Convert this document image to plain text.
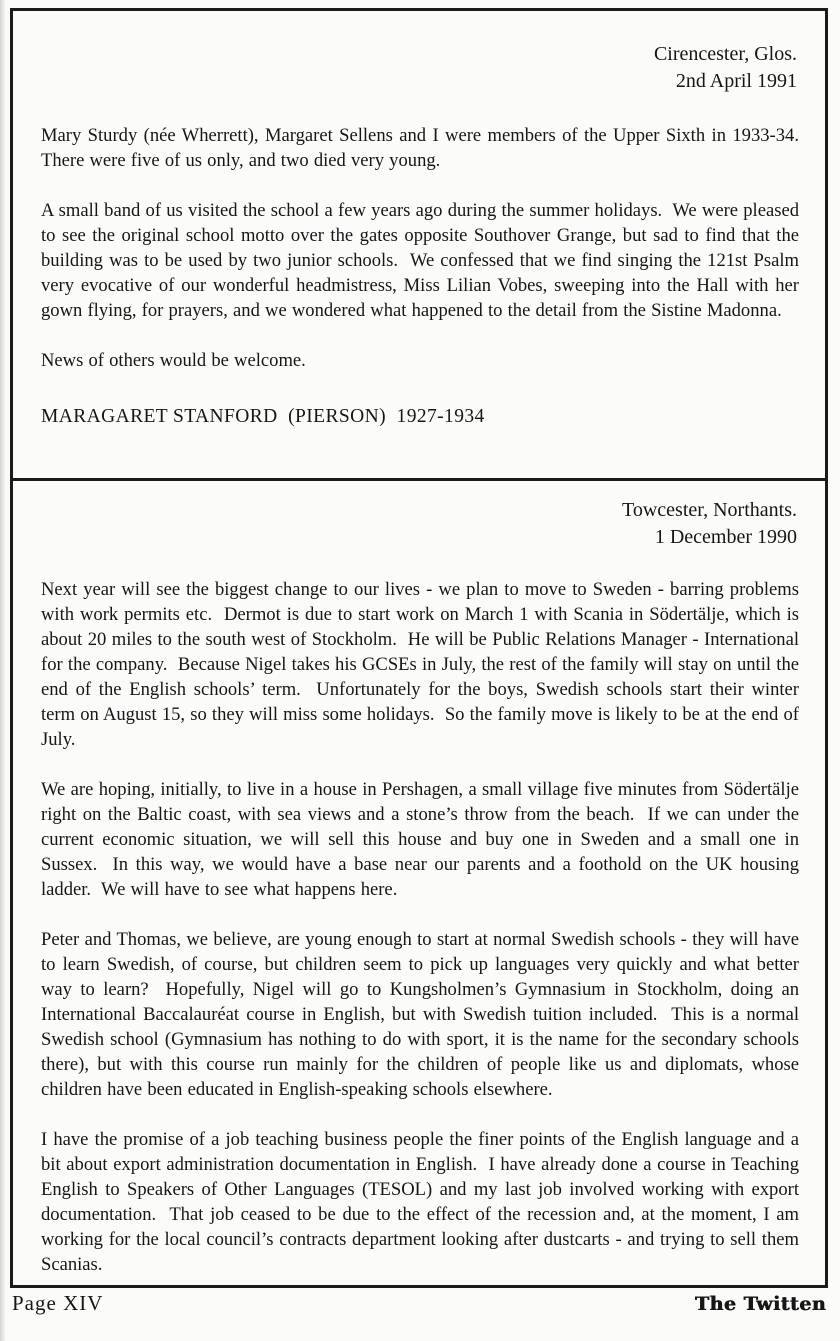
Cirencester, Glos.
2nd April 1991

Mary Sturdy (née Wherrett), Margaret Sellens and I were members of the Upper Sixth in 1933-34.  There were five of us only, and two died very young.

A small band of us visited the school a few years ago during the summer holidays.  We were pleased to see the original school motto over the gates opposite Southover Grange, but sad to find that the building was to be used by two junior schools.  We confessed that we find singing the 121st Psalm very evocative of our wonderful headmistress, Miss Lilian Vobes, sweeping into the Hall with her gown flying, for prayers, and we wondered what happened to the detail from the Sistine Madonna.

News of others would be welcome.

MARAGARET STANFORD  (PIERSON)  1927-1934

Towcester, Northants.
1 December 1990

Next year will see the biggest change to our lives - we plan to move to Sweden - barring problems with work permits etc.  Dermot is due to start work on March 1 with Scania in Södertälje, which is about 20 miles to the south west of Stockholm.  He will be Public Relations Manager - International for the company.  Because Nigel takes his GCSEs in July, the rest of the family will stay on until the end of the English schools’ term.  Unfortunately for the boys, Swedish schools start their winter term on August 15, so they will miss some holidays.  So the family move is likely to be at the end of July.

We are hoping, initially, to live in a house in Pershagen, a small village five minutes from Södertälje right on the Baltic coast, with sea views and a stone’s throw from the beach.  If we can under the current economic situation, we will sell this house and buy one in Sweden and a small one in Sussex.  In this way, we would have a base near our parents and a foothold on the UK housing ladder.  We will have to see what happens here.

Peter and Thomas, we believe, are young enough to start at normal Swedish schools - they will have to learn Swedish, of course, but children seem to pick up languages very quickly and what better way to learn?  Hopefully, Nigel will go to Kungsholmen’s Gymnasium in Stockholm, doing an International Baccalauréat course in English, but with Swedish tuition included.  This is a normal Swedish school (Gymnasium has nothing to do with sport, it is the name for the secondary schools there), but with this course run mainly for the children of people like us and diplomats, whose children have been educated in English-speaking schools elsewhere.

I have the promise of a job teaching business people the finer points of the English language and a bit about export administration documentation in English.  I have already done a course in Teaching English to Speakers of Other Languages (TESOL) and my last job involved working with export documentation.  That job ceased to be due to the effect of the recession and, at the moment, I am working for the local council’s contracts department looking after dustcarts - and trying to sell them Scanias.

Page XIV	The Twitten
